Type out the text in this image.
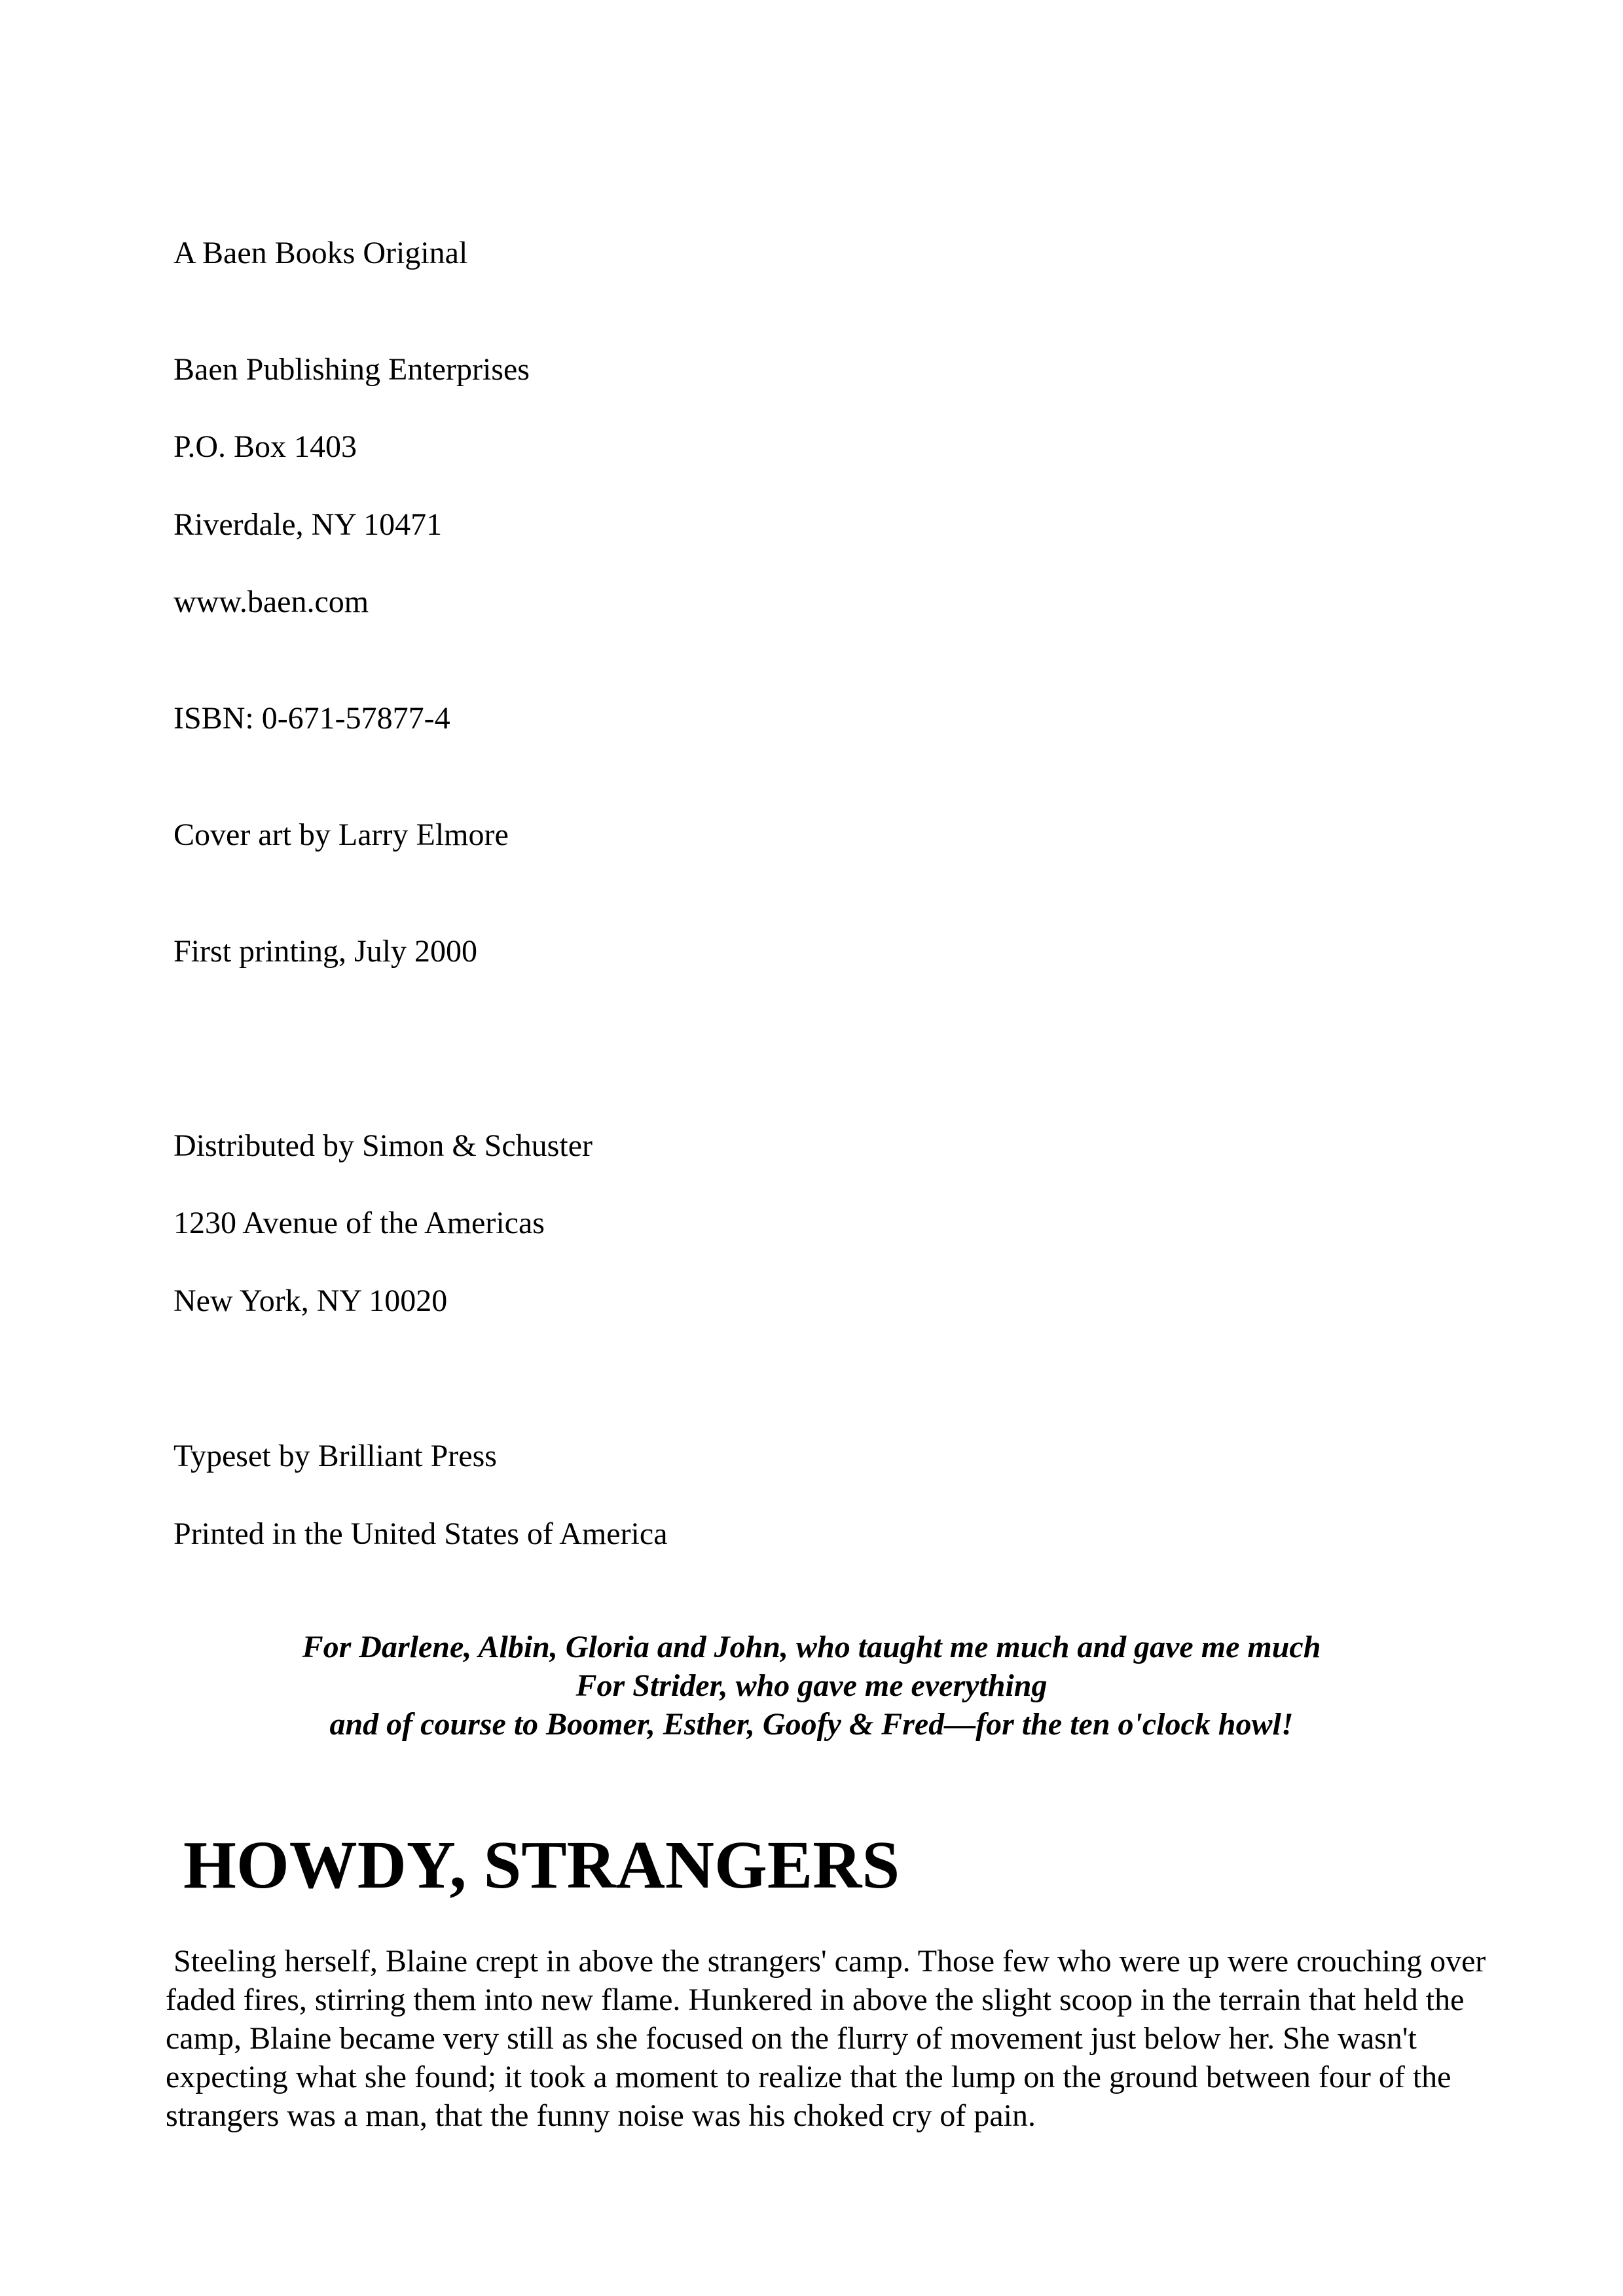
A Baen Books Original
Baen Publishing Enterprises
P.O. Box 1403
Riverdale, NY 10471
www.baen.com
ISBN: 0-671-57877-4
Cover art by Larry Elmore
First printing, July 2000
Distributed by Simon & Schuster
1230 Avenue of the Americas
New York, NY 10020
Typeset by Brilliant Press
Printed in the United States of America
For Darlene, Albin, Gloria and John, who taught me much and gave me much
For Strider, who gave me everything
and of course to Boomer, Esther, Goofy & Fred—for the ten o'clock howl!
HOWDY, STRANGERS
Steeling herself, Blaine crept in above the strangers' camp. Those few who were up were crouching over
faded fires, stirring them into new flame. Hunkered in above the slight scoop in the terrain that held the
camp, Blaine became very still as she focused on the flurry of movement just below her. She wasn't
expecting what she found; it took a moment to realize that the lump on the ground between four of the
strangers was a man, that the funny noise was his choked cry of pain.
